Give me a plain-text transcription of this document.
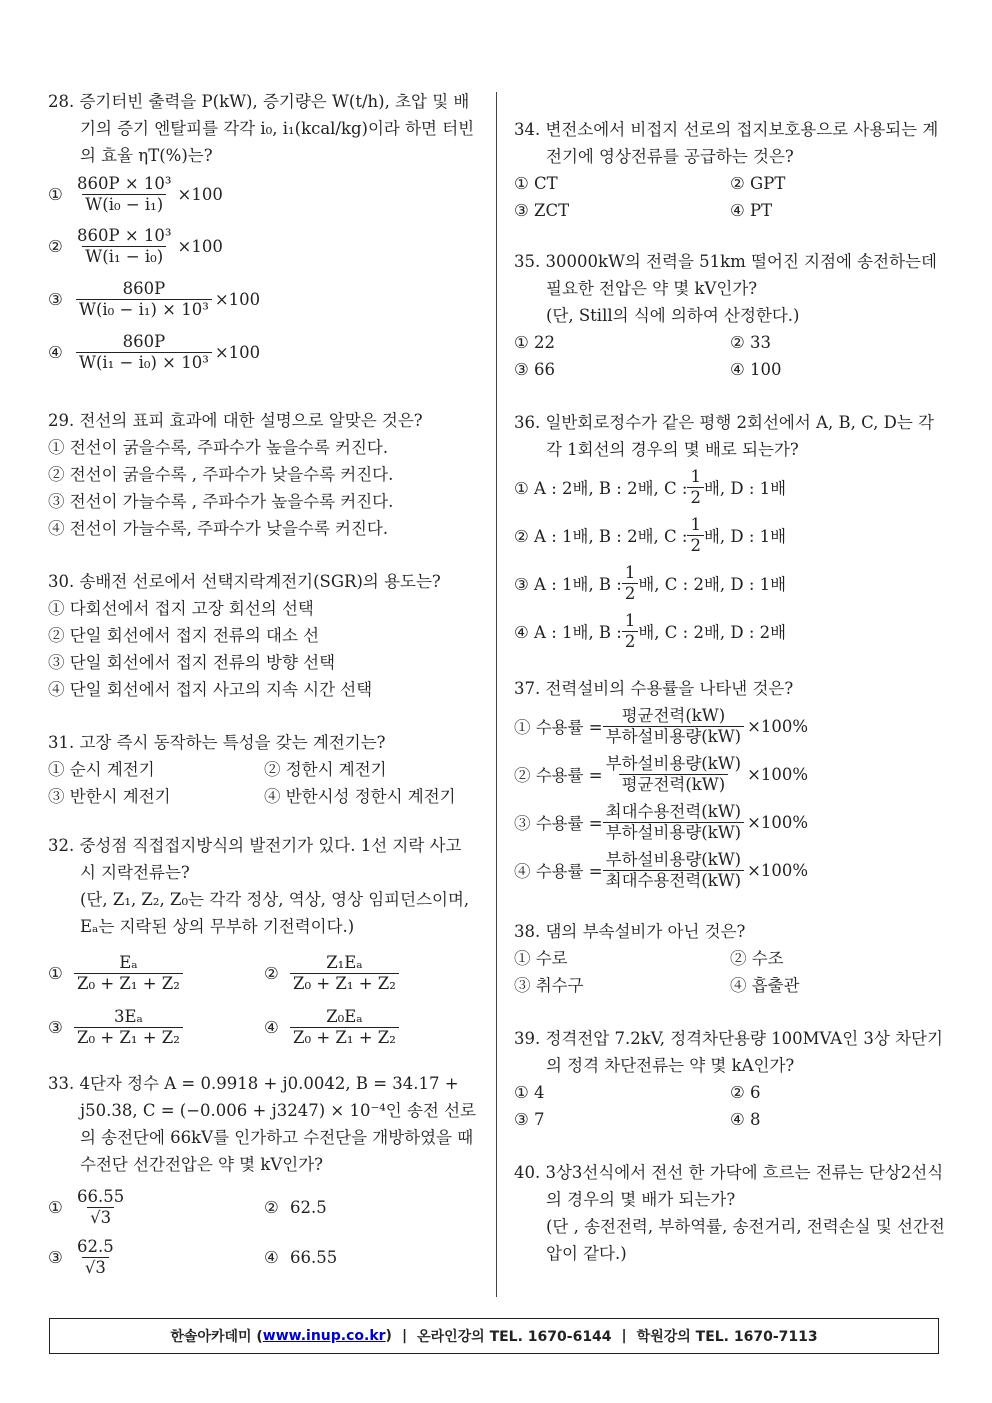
28. 증기터빈 출력을 P(kW), 증기량은 W(t/h), 초압 및 배기의 증기 엔탈피를 각각 i₀, i₁(kcal/kg)이라 하면 터빈의 효율 ηT(%)는?
① $\frac{\text{860P × 10³}}{\text{W(i₀ − i₁)}} \times 100$
② $\frac{\text{860P × 10³}}{\text{W(i₁ − i₀)}} \times 100$
③ $\frac{860P}{\text{W(i₀ − i₁) × 10³}} \times 100$
④ $\frac{860P}{\text{W(i₁ − i₀) × 10³}} \times 100$
29. 전선의 표피 효과에 대한 설명으로 알맞은 것은?
① 전선이 굵을수록, 주파수가 높을수록 커진다.
② 전선이 굵을수록 , 주파수가 낮을수록 커진다.
③ 전선이 가늘수록 , 주파수가 높을수록 커진다.
④ 전선이 가늘수록, 주파수가 낮을수록 커진다.
30. 송배전 선로에서 선택지락계전기(SGR)의 용도는?
① 다회선에서 접지 고장 회선의 선택
② 단일 회선에서 접지 전류의 대소 선
③ 단일 회선에서 접지 전류의 방향 선택
④ 단일 회선에서 접지 사고의 지속 시간 선택
31. 고장 즉시 동작하는 특성을 갖는 계전기는?
① 순시 계전기	② 정한시 계전기
③ 반한시 계전기	④ 반한시성 정한시 계전기
32. 중성점 직접접지방식의 발전기가 있다. 1선 지락 사고 시 지락전류는?
(단, Z₁, Z₂, Z₀는 각각 정상, 역상, 영상 임피던스이며, Eₐ는 지락된 상의 무부하 기전력이다.)
① $\frac{\text{Eₐ}}{\text{Z₀ + Z₁ + Z₂}}$	② $\frac{\text{Z₁Eₐ}}{\text{Z₀ + Z₁ + Z₂}}$
③ $\frac{\text{3Eₐ}}{\text{Z₀ + Z₁ + Z₂}}$	④ $\frac{\text{Z₀Eₐ}}{\text{Z₀ + Z₁ + Z₂}}$
33. 4단자 정수 A = 0.9918 + j0.0042, B = 34.17 + j50.38, C = (−0.006 + j3247) × 10⁻⁴인 송전 선로의 송전단에 66kV를 인가하고 수전단을 개방하였을 때 수전단 선간전압은 약 몇 kV인가?
① $\frac{66.55}{√3}$	② 62.5
③ $\frac{62.5}{√3}$	④ 66.55
34. 변전소에서 비접지 선로의 접지보호용으로 사용되는 계전기에 영상전류를 공급하는 것은?
① CT	② GPT
③ ZCT	④ PT
35. 30000kW의 전력을 51km 떨어진 지점에 송전하는데 필요한 전압은 약 몇 kV인가?
(단, Still의 식에 의하여 산정한다.)
① 22	② 33
③ 66	④ 100
36. 일반회로정수가 같은 평행 2회선에서 A, B, C, D는 각각 1회선의 경우의 몇 배로 되는가?
① A : 2배, B : 2배, C : $\frac{1}{2}$ 배, D : 1배
② A : 1배, B : 2배, C : $\frac{1}{2}$ 배, D : 1배
③ A : 1배, B : $\frac{1}{2}$ 배, C : 2배, D : 1배
④ A : 1배, B : $\frac{1}{2}$ 배, C : 2배, D : 2배
37. 전력설비의 수용률을 나타낸 것은?
① 수용률 = $\frac{\text{평균전력(kW)}}{\text{부하설비용량(kW)}} \times 100\%$
② 수용률 = $\frac{\text{부하설비용량(kW)}}{\text{평균전력(kW)}} \times 100\%$
③ 수용률 = $\frac{\text{최대수용전력(kW)}}{\text{부하설비용량(kW)}} \times 100\%$
④ 수용률 = $\frac{\text{부하설비용량(kW)}}{\text{최대수용전력(kW)}} \times 100\%$
38. 댐의 부속설비가 아닌 것은?
① 수로	② 수조
③ 취수구	④ 흡출관
39. 정격전압 7.2kV, 정격차단용량 100MVA인 3상 차단기의 정격 차단전류는 약 몇 kA인가?
① 4	② 6
③ 7	④ 8
40. 3상3선식에서 전선 한 가닥에 흐르는 전류는 단상2선식의 경우의 몇 배가 되는가?
(단 , 송전전력, 부하역률, 송전거리, 전력손실 및 선간전압이 같다.)
한솔아카데미 ( www.inup.co.kr ) | 온라인강의 TEL. 1670-6144 | 학원강의 TEL. 1670-7113
